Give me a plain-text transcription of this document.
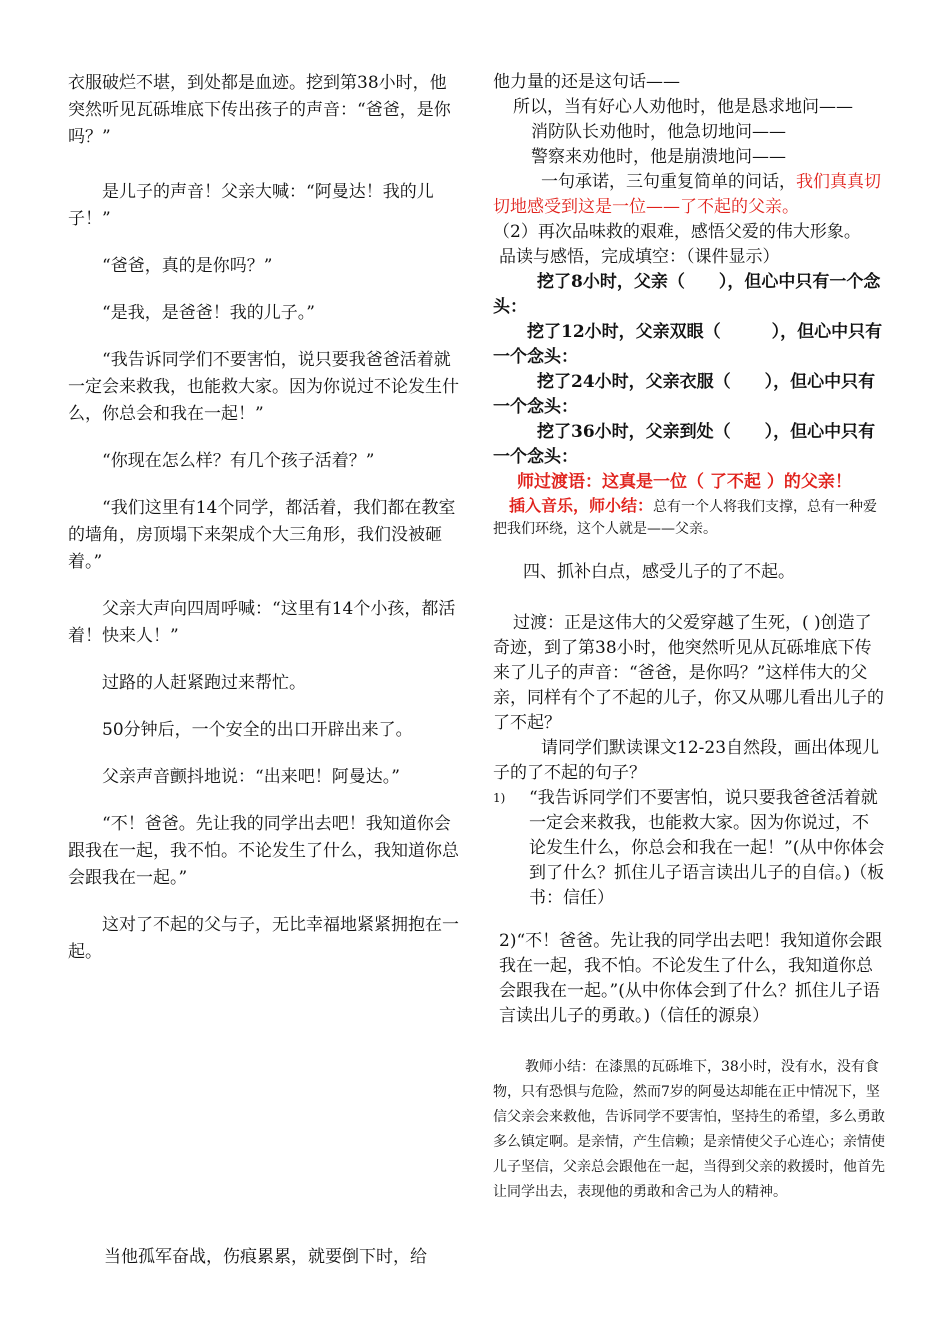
衣服破烂不堪，到处都是血迹。挖到第38小时，他突然听见瓦砾堆底下传出孩子的声音：“爸爸，是你吗？”

是儿子的声音！父亲大喊：“阿曼达！我的儿子！”

“爸爸，真的是你吗？”

“是我，是爸爸！我的儿子。”

“我告诉同学们不要害怕，说只要我爸爸活着就一定会来救我，也能救大家。因为你说过不论发生什么，你总会和我在一起！”

“你现在怎么样？有几个孩子活着？”

“我们这里有14个同学，都活着，我们都在教室的墙角，房顶塌下来架成个大三角形，我们没被砸着。”

父亲大声向四周呼喊：“这里有14个小孩，都活着！快来人！”

过路的人赶紧跑过来帮忙。

50分钟后，一个安全的出口开辟出来了。

父亲声音颤抖地说：“出来吧！阿曼达。”

“不！爸爸。先让我的同学出去吧！我知道你会跟我在一起，我不怕。不论发生了什么，我知道你总会跟我在一起。”

这对了不起的父与子，无比幸福地紧紧拥抱在一起。

当他孤军奋战，伤痕累累，就要倒下时，给

他力量的还是这句话——

所以，当有好心人劝他时，他是恳求地问——

消防队长劝他时，他急切地问——

警察来劝他时，他是崩溃地问——

一句承诺，三句重复简单的问话，我们真真切切地感受到这是一位——了不起的父亲。

（2）再次品味救的艰难，感悟父爱的伟大形象。

品读与感悟，完成填空：（课件显示）

挖了8小时，父亲（　　），但心中只有一个念头：

挖了12小时，父亲双眼（　　　），但心中只有一个念头：

挖了24小时，父亲衣服（　　），但心中只有一个念头：

挖了36小时，父亲到处（　　），但心中只有一个念头：

师过渡语：这真是一位（ 了不起 ）的父亲！

插入音乐，师小结：总有一个人将我们支撑，总有一种爱把我们环绕，这个人就是——父亲。

四、抓补白点，感受儿子的了不起。

过渡：正是这伟大的父爱穿越了生死，( )创造了奇迹，到了第38小时，他突然听见从瓦砾堆底下传来了儿子的声音：“爸爸，是你吗？”这样伟大的父亲，同样有个了不起的儿子，你又从哪儿看出儿子的了不起？

请同学们默读课文12-23自然段，画出体现儿子的了不起的句子？

1) “我告诉同学们不要害怕，说只要我爸爸活着就一定会来救我，也能救大家。因为你说过，不论发生什么，你总会和我在一起！”(从中你体会到了什么？抓住儿子语言读出儿子的自信。)（板书：信任）

2)“不！爸爸。先让我的同学出去吧！我知道你会跟我在一起，我不怕。不论发生了什么，我知道你总会跟我在一起。”(从中你体会到了什么？抓住儿子语言读出儿子的勇敢。)（信任的源泉）

教师小结：在漆黑的瓦砾堆下，38小时，没有水，没有食物，只有恐惧与危险，然而7岁的阿曼达却能在正中情况下，坚信父亲会来救他，告诉同学不要害怕，坚持生的希望，多么勇敢多么镇定啊。是亲情，产生信赖；是亲情使父子心连心；亲情使儿子坚信，父亲总会跟他在一起，当得到父亲的救援时，他首先让同学出去，表现他的勇敢和舍己为人的精神。
